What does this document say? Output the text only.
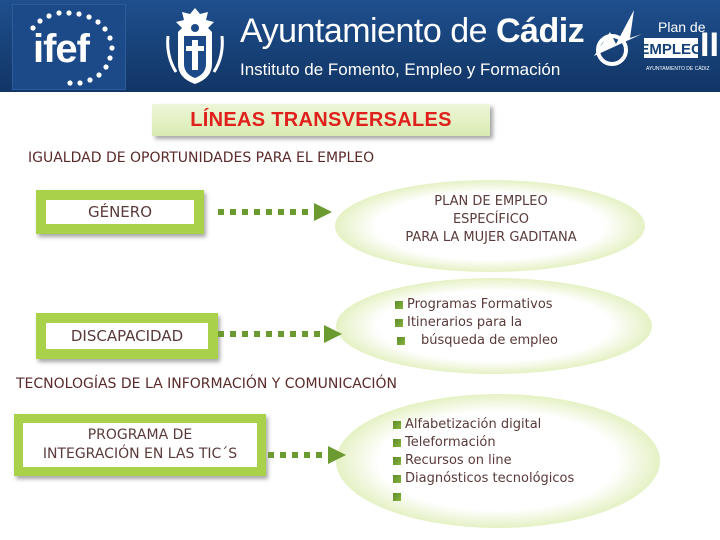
ifef	Ayuntamiento de Cádiz
Instituto de Fomento, Empleo y Formación
Plan de
EMPLEO
AYUNTAMIENTO DE CÁDIZ
II
LÍNEAS TRANSVERSALES
IGUALDAD DE OPORTUNIDADES PARA EL EMPLEO
GÉNERO
PLAN DE EMPLEO
ESPECÍFICO
PARA LA MUJER GADITANA
DISCAPACIDAD
Programas Formativos
Itinerarios para la
búsqueda de empleo
TECNOLOGÍAS DE LA INFORMACIÓN Y COMUNICACIÓN
PROGRAMA DE
INTEGRACIÓN EN LAS TIC´S
Alfabetización digital
Teleformación
Recursos on line
Diagnósticos tecnológicos
